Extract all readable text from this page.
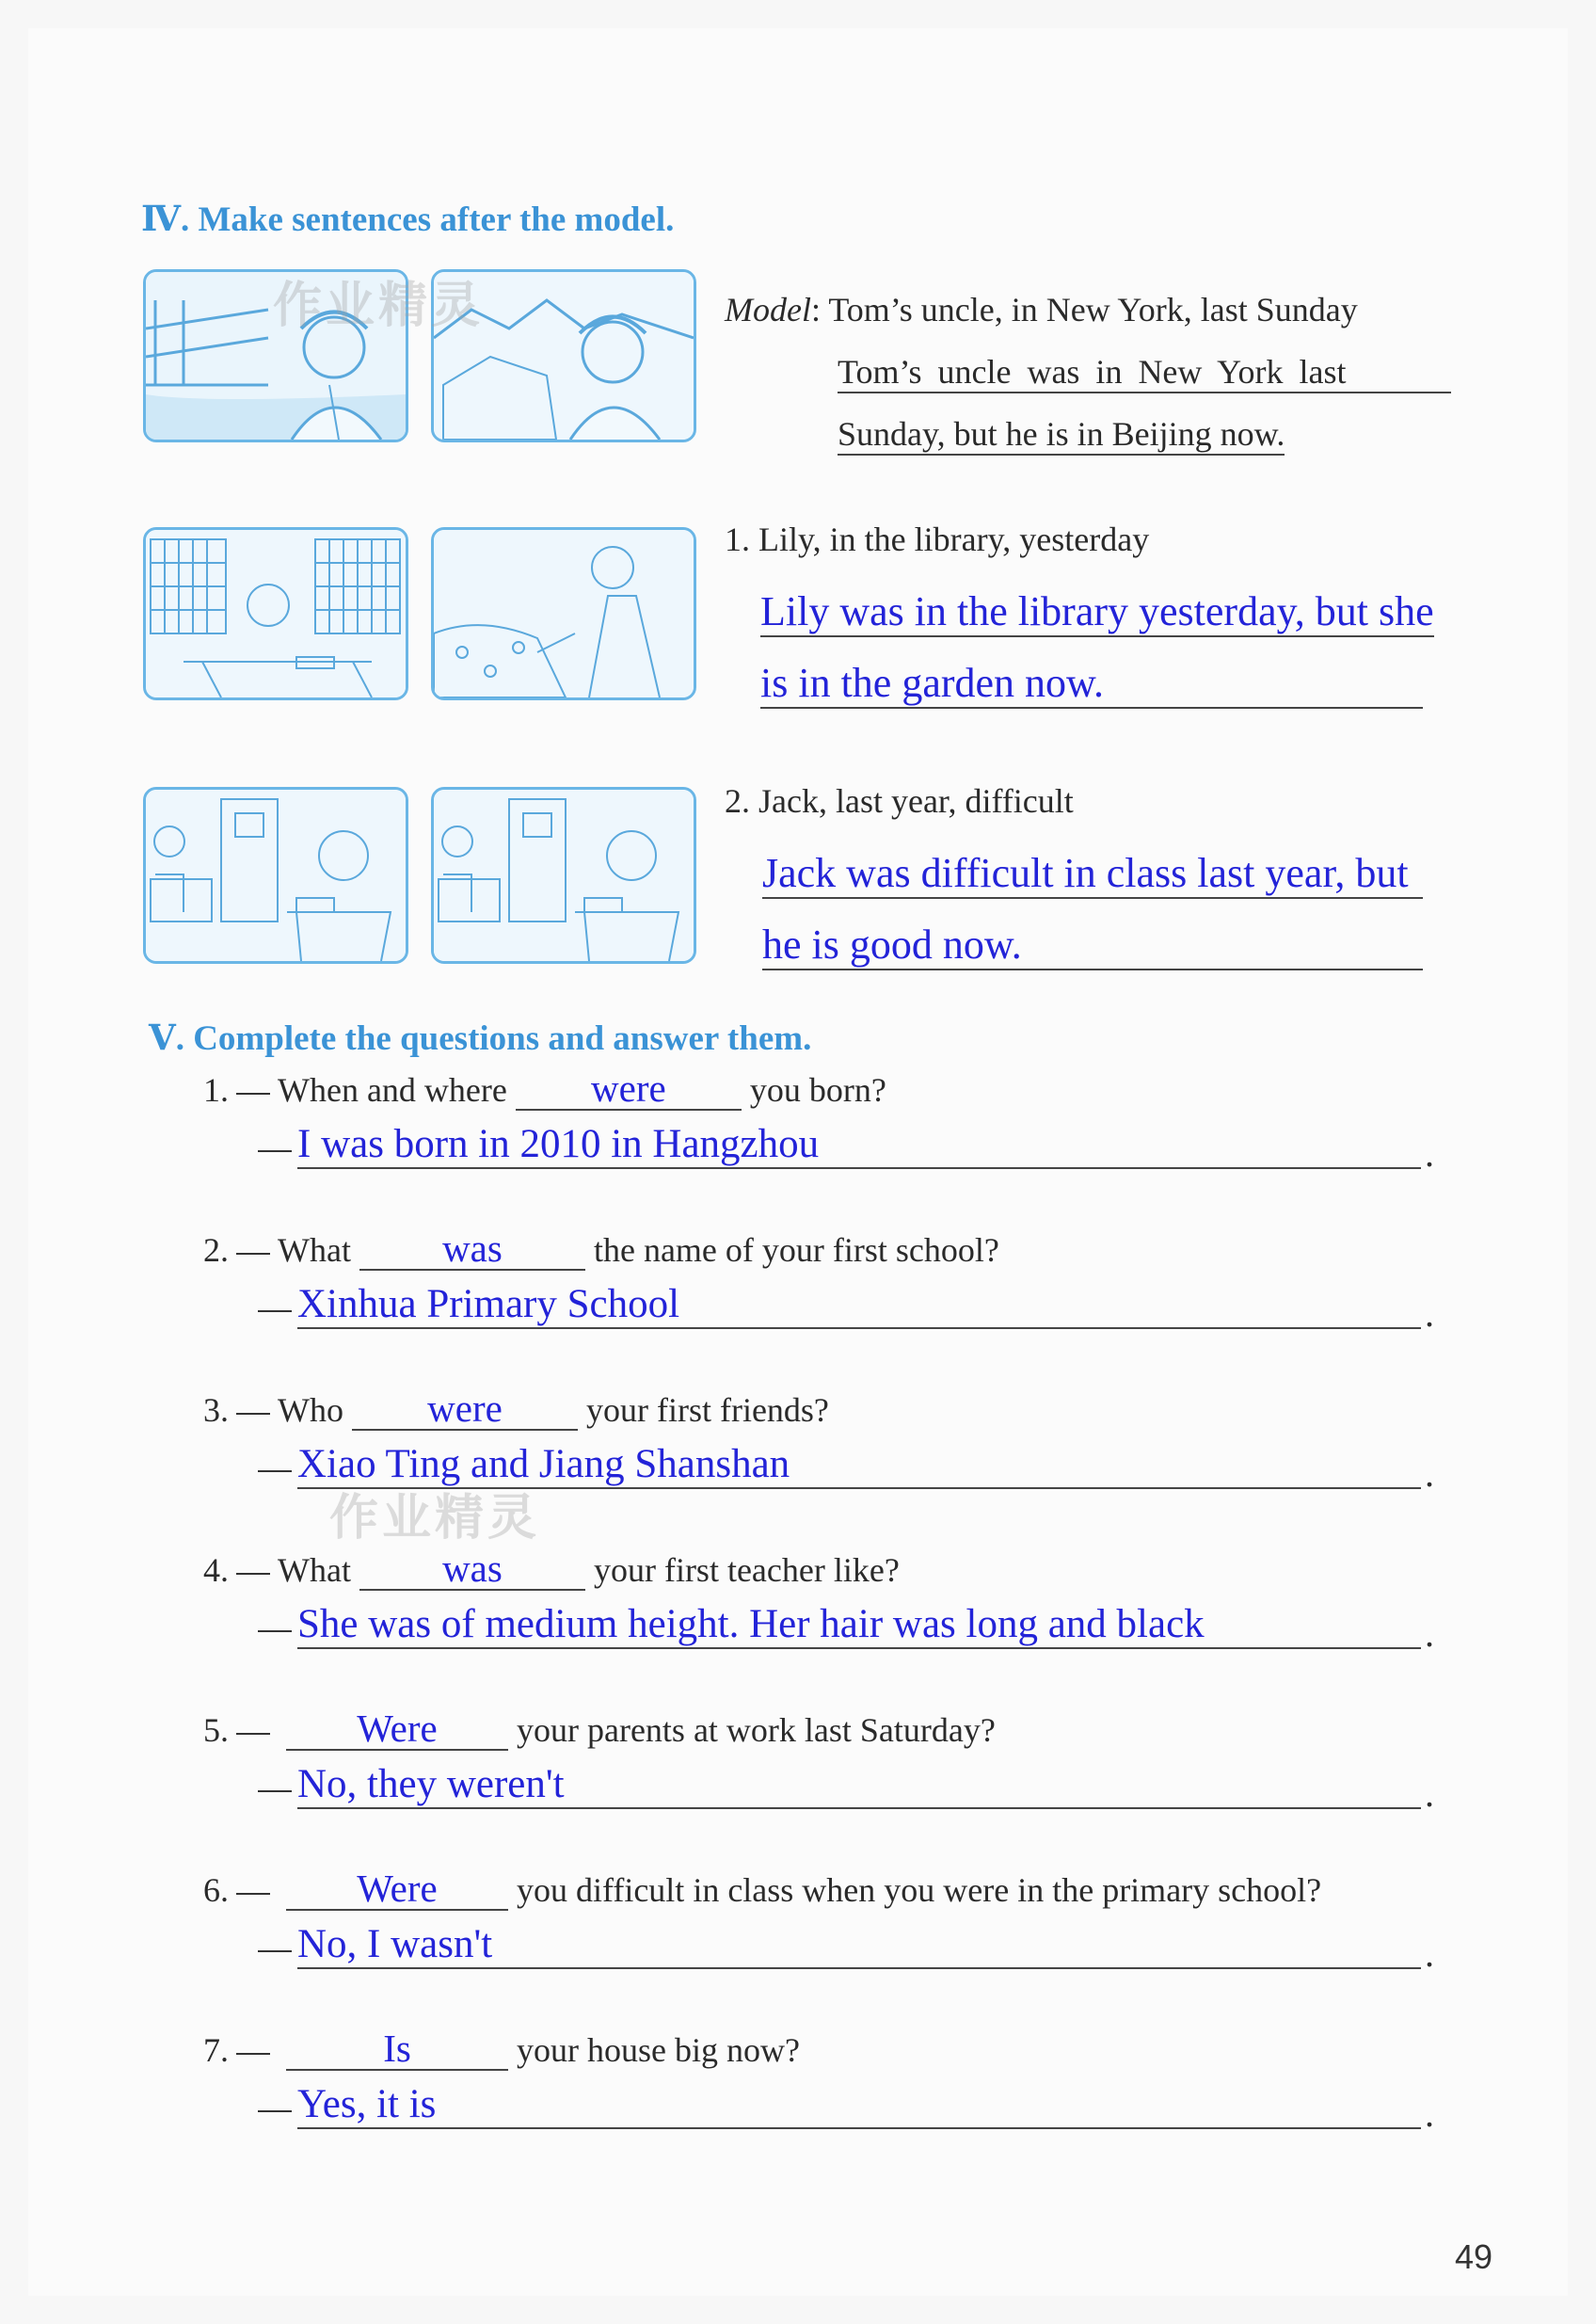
Ⅳ. Make sentences after the model.
作业精灵	Model: Tom’s uncle, in New York, last Sunday
Tom’s uncle was in New York last
Sunday, but he is in Beijing now.
1. Lily, in the library, yesterday
Lily was in the library yesterday, but she
is in the garden now.
2. Jack, last year, difficult
Jack was difficult in class last year, but
he is good now.
Ⅴ. Complete the questions and answer them.
1. When and where were you born?
I was born in 2010 in Hangzhou	.
2. What was	the name of your first school?
Xinhua Primary School	.
3. Who were your first friends?
Xiao Ting and Jiang Shanshan	.
作业精灵
4. What was	your first teacher like?
She was of medium height. Her hair was long and black	.
5.	Were your parents at work last Saturday?
No, they weren't	.
6.	Were you difficult in class when you were in the primary school?
No, I wasn't	.
7.	Is	your house big now?
Yes, it is	.
49
